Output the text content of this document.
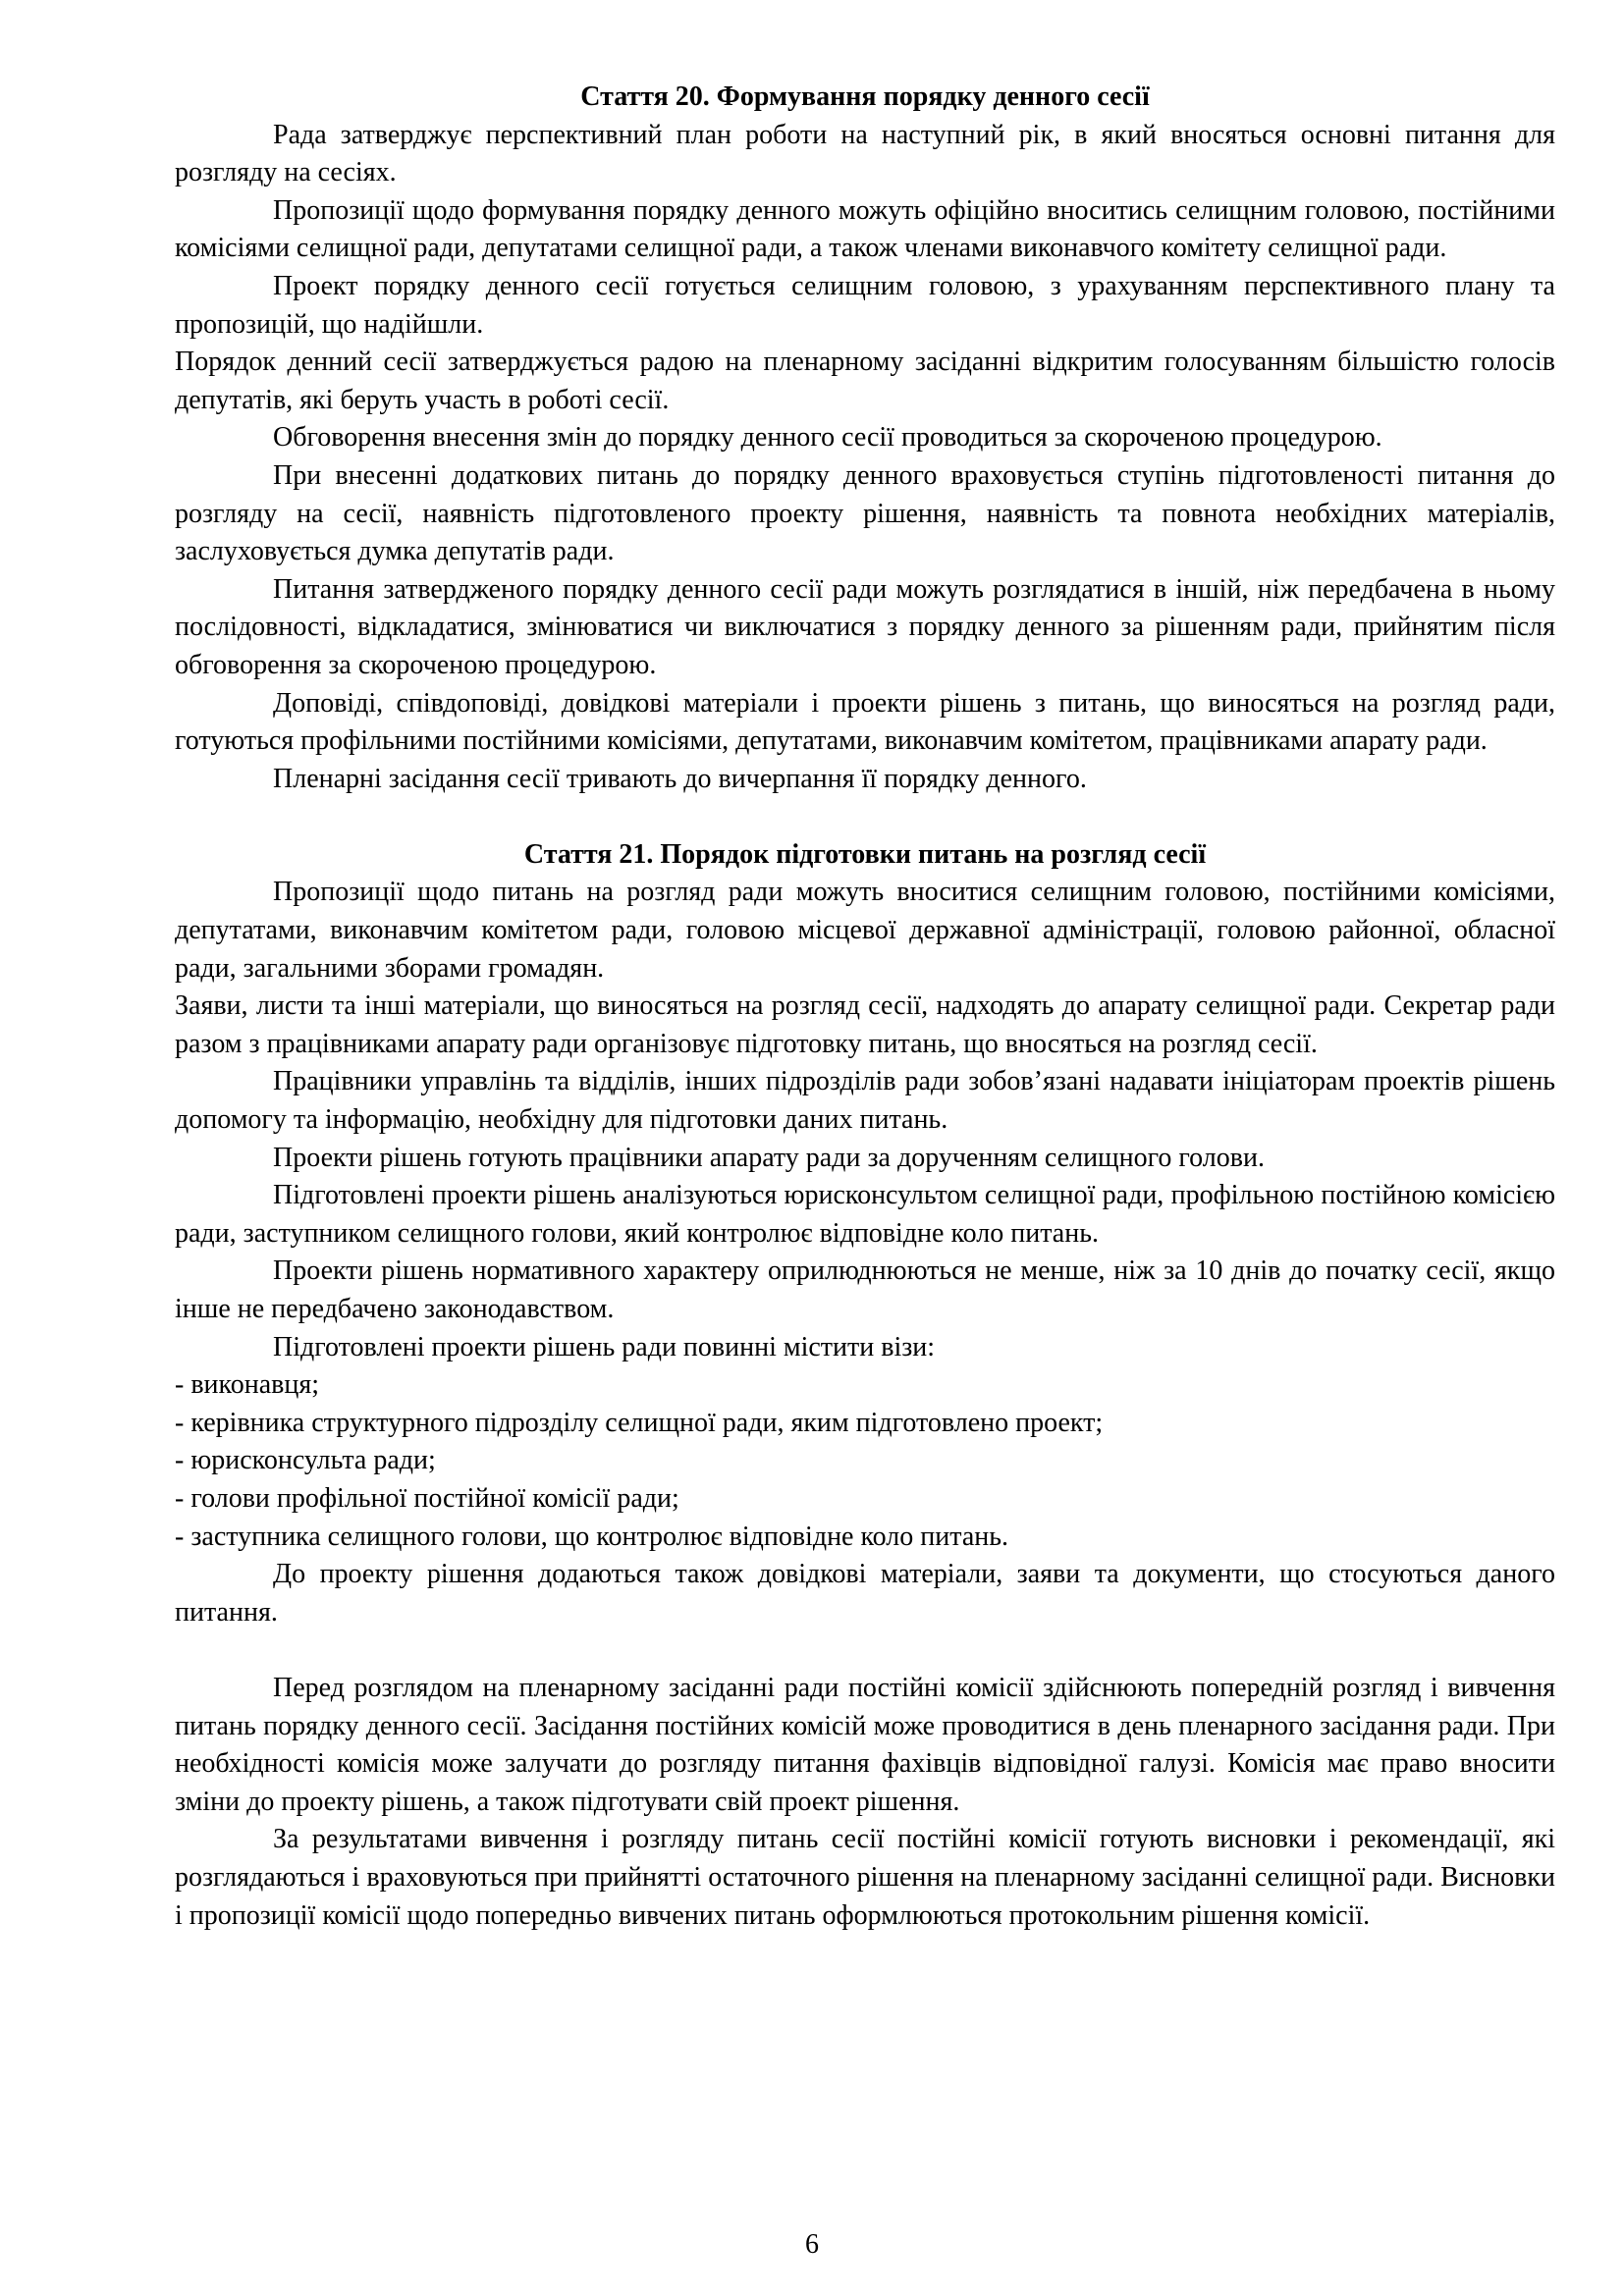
Стаття 20. Формування порядку денного сесії

Рада затверджує перспективний план роботи на наступний рік, в який вносяться основні питання для розгляду на сесіях.

Пропозиції щодо формування порядку денного можуть офіційно вноситись селищним головою, постійними комісіями селищної ради, депутатами селищної ради, а також членами виконавчого комітету селищної ради.

Проект порядку денного сесії готується селищним головою, з урахуванням перспективного плану та пропозицій, що надійшли.

Порядок денний сесії затверджується радою на пленарному засіданні відкритим голосуванням більшістю голосів депутатів, які беруть участь в роботі сесії.

Обговорення внесення змін до порядку денного сесії проводиться за скороченою процедурою.

При внесенні додаткових питань до порядку денного враховується ступінь підготовленості питання до розгляду на сесії, наявність підготовленого проекту рішення, наявність та повнота необхідних матеріалів, заслуховується думка депутатів ради.

Питання затвердженого порядку денного сесії ради можуть розглядатися в іншій, ніж передбачена в ньому послідовності, відкладатися, змінюватися чи виключатися з порядку денного за рішенням ради, прийнятим після обговорення за скороченою процедурою.

Доповіді, співдоповіді, довідкові матеріали і проекти рішень з питань, що виносяться на розгляд ради, готуються профільними постійними комісіями, депутатами, виконавчим комітетом, працівниками апарату ради.

Пленарні засідання сесії тривають до вичерпання її порядку денного.

Стаття 21. Порядок підготовки питань на розгляд сесії

Пропозиції щодо питань на розгляд ради можуть вноситися селищним головою, постійними комісіями, депутатами, виконавчим комітетом ради, головою місцевої державної адміністрації, головою районної, обласної ради, загальними зборами громадян.

Заяви, листи та інші матеріали, що виносяться на розгляд сесії, надходять до апарату селищної ради. Секретар ради разом з працівниками апарату ради організовує підготовку питань, що вносяться на розгляд сесії.

Працівники управлінь та відділів, інших підрозділів ради зобов’язані надавати ініціаторам проектів рішень допомогу та інформацію, необхідну для підготовки даних питань.

Проекти рішень готують працівники апарату ради за дорученням селищного голови.

Підготовлені проекти рішень аналізуються юрисконсультом селищної ради, профільною постійною комісією ради, заступником селищного голови, який контролює відповідне коло питань.

Проекти рішень нормативного характеру оприлюднюються не менше, ніж за 10 днів до початку сесії, якщо інше не передбачено законодавством.

Підготовлені проекти рішень ради повинні містити візи:

- виконавця;

- керівника структурного підрозділу селищної ради, яким підготовлено проект;

- юрисконсульта ради;

- голови профільної постійної комісії ради;

- заступника селищного голови, що контролює відповідне коло питань.

До проекту рішення додаються також довідкові матеріали, заяви та документи, що стосуються даного питання.

Перед розглядом на пленарному засіданні ради постійні комісії здійснюють попередній розгляд і вивчення питань порядку денного сесії. Засідання постійних комісій може проводитися в день пленарного засідання ради. При необхідності комісія може залучати до розгляду питання фахівців відповідної галузі. Комісія має право вносити зміни до проекту рішень, а також підготувати свій проект рішення.

За результатами вивчення і розгляду питань сесії постійні комісії готують висновки і рекомендації, які розглядаються і враховуються при прийнятті остаточного рішення на пленарному засіданні селищної ради. Висновки і пропозиції комісії щодо попередньо вивчених питань оформлюються протокольним рішення комісії.

6
